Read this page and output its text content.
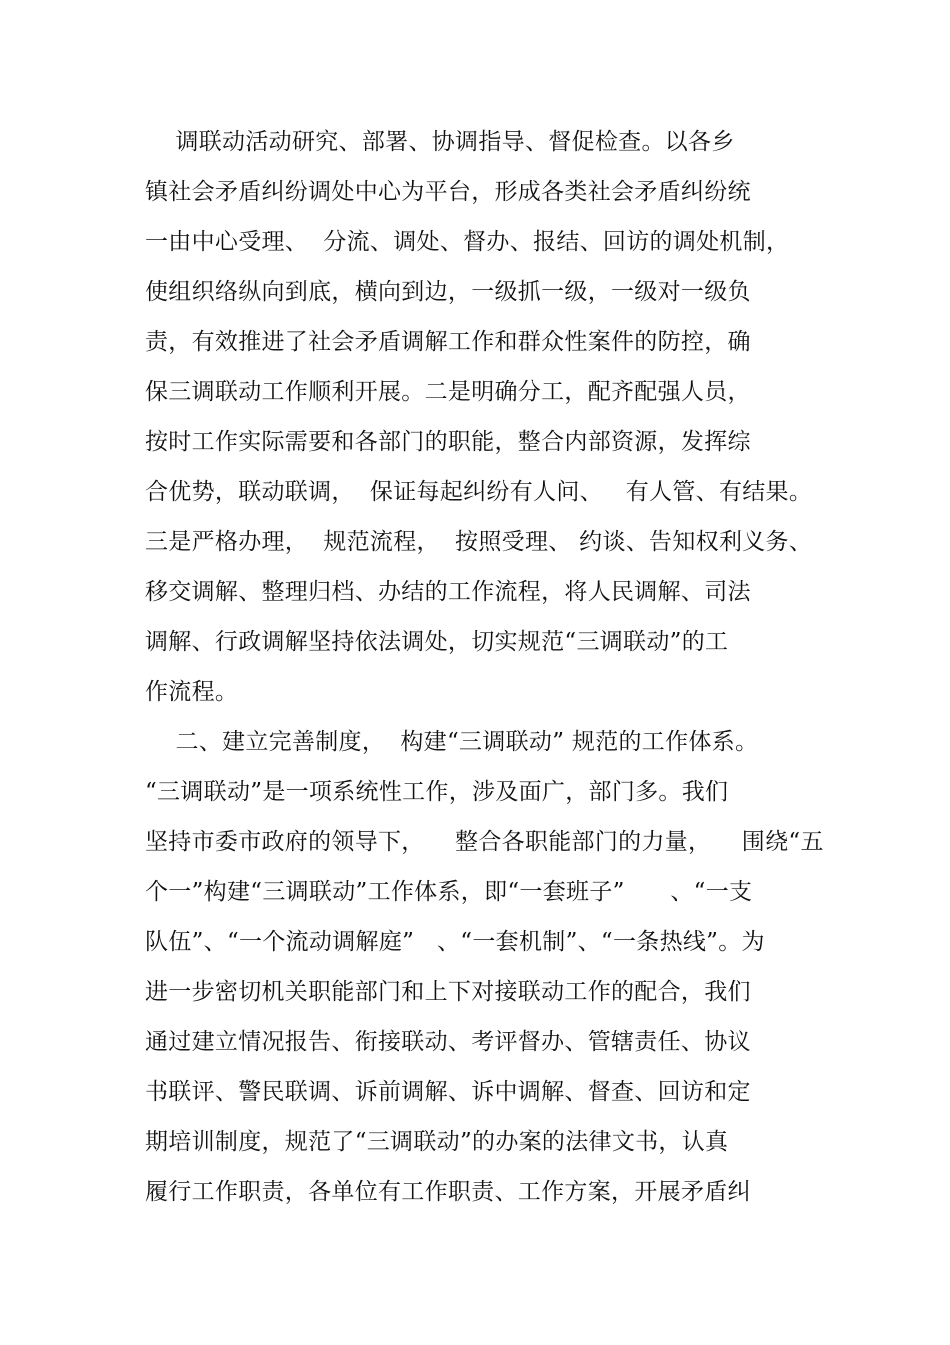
调联动活动研究、部署、协调指导、督促检查。以各乡
镇社会矛盾纠纷调处中心为平台，形成各类社会矛盾纠纷统
一由中心受理、  分流、调处、督办、报结、回访的调处机制，
使组织络纵向到底，横向到边，一级抓一级，一级对一级负
责，有效推进了社会矛盾调解工作和群众性案件的防控，确
保三调联动工作顺利开展。二是明确分工，配齐配强人员，
按时工作实际需要和各部门的职能，整合内部资源，发挥综
合优势，联动联调，  保证每起纠纷有人问、   有人管、有结果。
三是严格办理，  规范流程，  按照受理、 约谈、告知权利义务、
移交调解、整理归档、办结的工作流程，将人民调解、司法
调解、行政调解坚持依法调处，切实规范“三调联动”的工
作流程。
二、建立完善制度，  构建“三调联动” 规范的工作体系。
“三调联动”是一项系统性工作，涉及面广，部门多。我们
坚持市委市政府的领导下，    整合各职能部门的力量，    围绕“五
个一”构建“三调联动”工作体系，即“一套班子”      、“一支
队伍”、“一个流动调解庭”   、“一套机制”、“一条热线”。为
进一步密切机关职能部门和上下对接联动工作的配合，我们
通过建立情况报告、衔接联动、考评督办、管辖责任、协议
书联评、警民联调、诉前调解、诉中调解、督查、回访和定
期培训制度，规范了“三调联动”的办案的法律文书，认真
履行工作职责，各单位有工作职责、工作方案，开展矛盾纠
